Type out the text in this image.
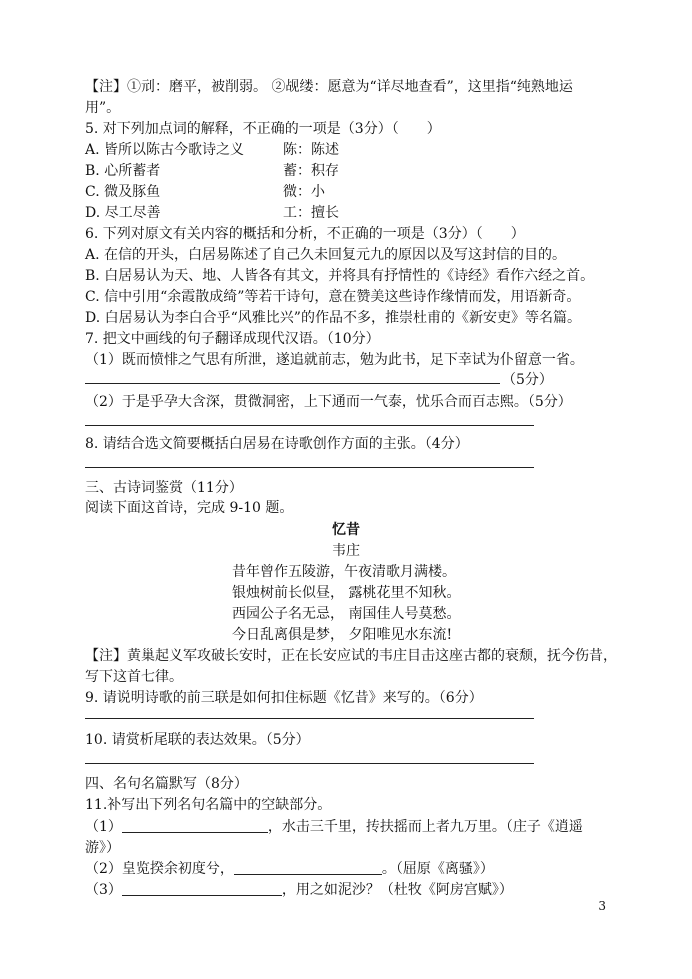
【注】①刓：磨平，被削弱。 ②觇缕：愿意为“详尽地查看”，这里指“纯熟地运
用”。
5. 对下列加点词的解释，不正确的一项是（3分）（　　）
A. 皆所以陈古今歌诗之义	陈：陈述
B. 心所蓄者	蓄：积存
C. 微及豚鱼	微：小
D. 尽工尽善	工：擅长
6. 下列对原文有关内容的概括和分析，不正确的一项是（3分）（　　）
A. 在信的开头，白居易陈述了自己久未回复元九的原因以及写这封信的目的。
B. 白居易认为天、地、人皆各有其文，并将具有抒情性的《诗经》看作六经之首。
C. 信中引用“余霞散成绮”等若干诗句，意在赞美这些诗作缘情而发，用语新奇。
D. 白居易认为李白合乎“风雅比兴”的作品不多，推崇杜甫的《新安吏》等名篇。
7. 把文中画线的句子翻译成现代汉语。（10分）
（1）既而愤悱之气思有所泄，遂追就前志，勉为此书，足下幸试为仆留意一省。
（5分）
（2）于是乎孕大含深，贯微洞密，上下通而一气泰，忧乐合而百志熙。（5分）
8. 请结合选文简要概括白居易在诗歌创作方面的主张。（4分）
三、古诗词鉴赏（11分）
阅读下面这首诗，完成 9-10 题。
忆昔
韦庄
昔年曾作五陵游，午夜清歌月满楼。
银烛树前长似昼， 露桃花里不知秋。
西园公子名无忌， 南国佳人号莫愁。
今日乱离俱是梦， 夕阳唯见水东流!
【注】黄巢起义军攻破长安时，正在长安应试的韦庄目击这座古都的衰颓，抚今伤昔，
写下这首七律。
9. 请说明诗歌的前三联是如何扣住标题《忆昔》来写的。（6分）
10. 请赏析尾联的表达效果。（5分）
四、名句名篇默写（8分）
11.补写出下列名句名篇中的空缺部分。
（1）	，水击三千里，抟扶摇而上者九万里。（庄子《逍遥
游》）
（2）皇览揆余初度兮，	。（屈原《离骚》）
（3）	，用之如泥沙？（杜牧《阿房宫赋》）
3
